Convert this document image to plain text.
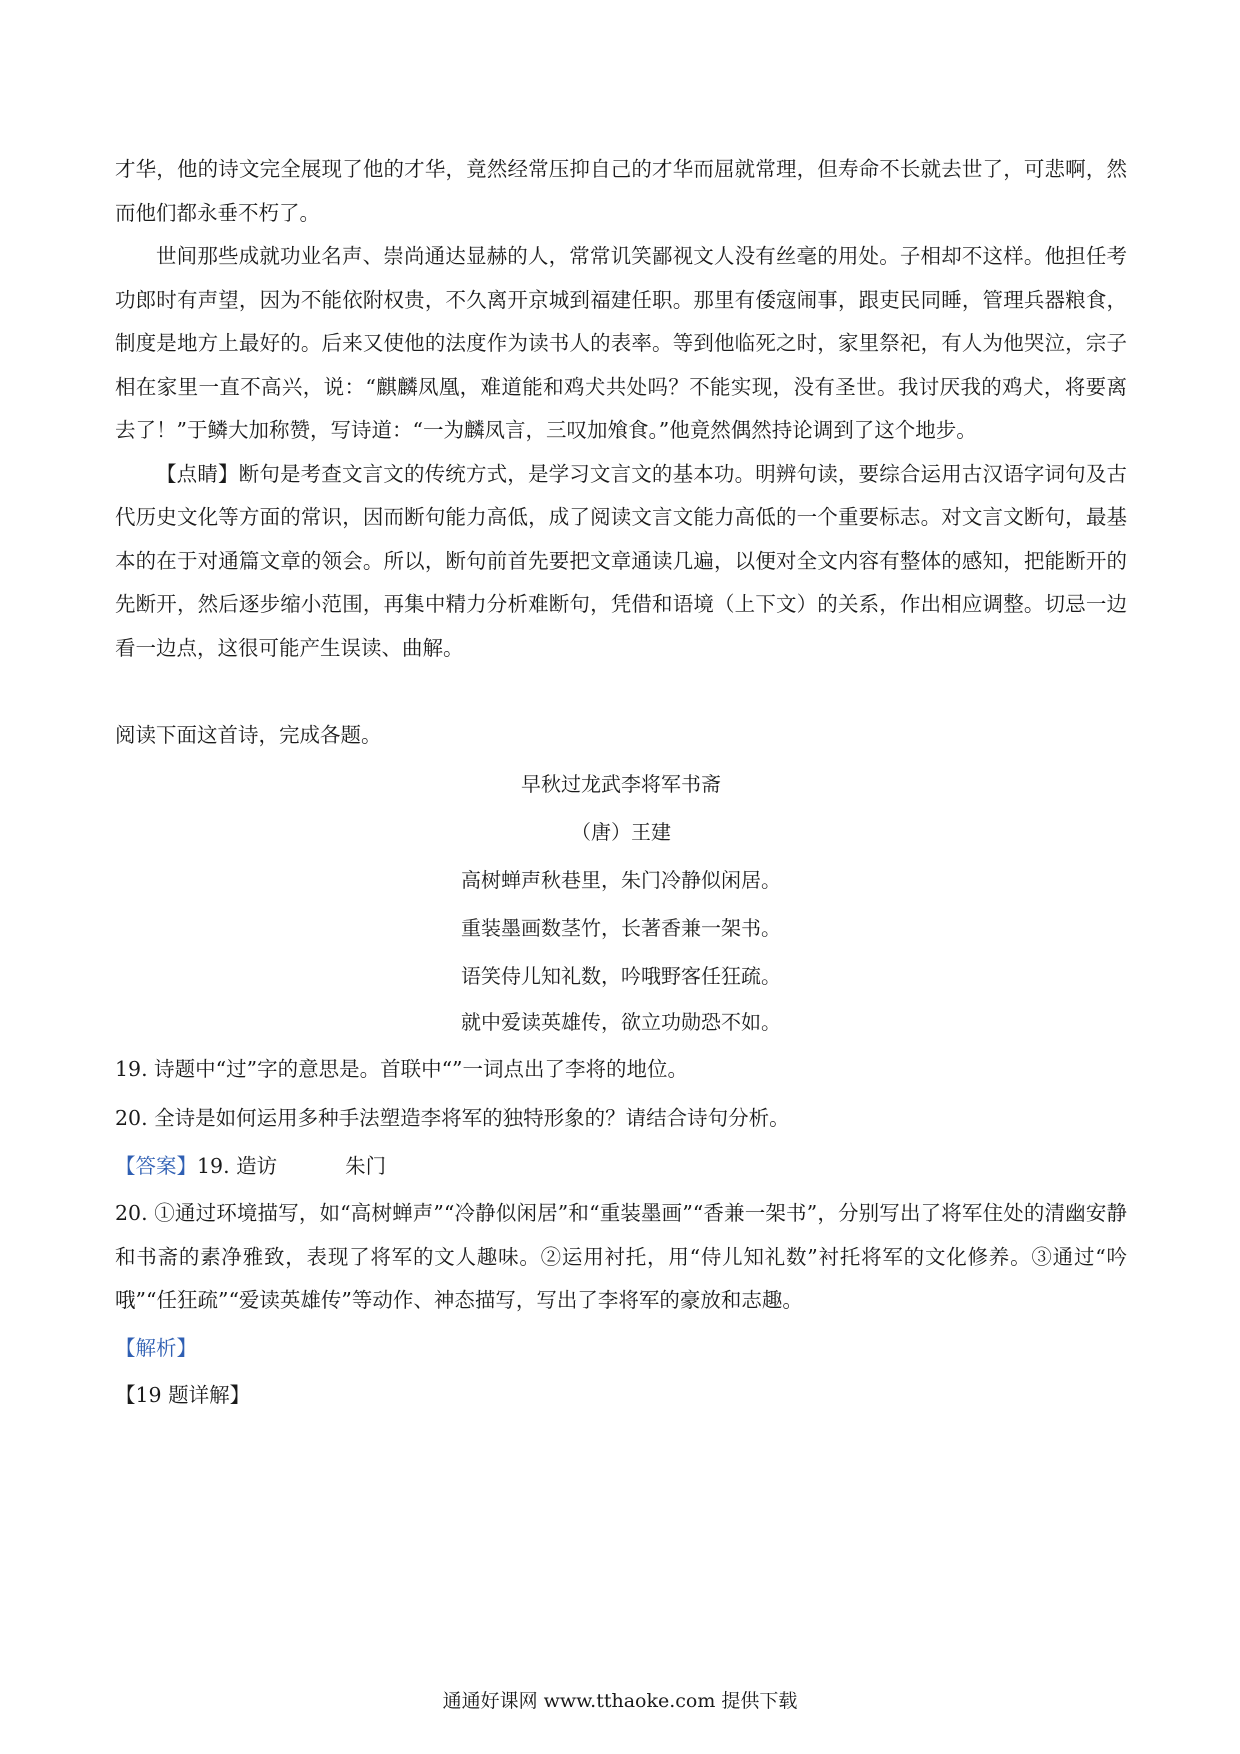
才华，他的诗文完全展现了他的才华，竟然经常压抑自己的才华而屈就常理，但寿命不长就去世了，可悲啊，然而他们都永垂不朽了。

世间那些成就功业名声、崇尚通达显赫的人，常常讥笑鄙视文人没有丝毫的用处。子相却不这样。他担任考功郎时有声望，因为不能依附权贵，不久离开京城到福建任职。那里有倭寇闹事，跟吏民同睡，管理兵器粮食，制度是地方上最好的。后来又使他的法度作为读书人的表率。等到他临死之时，家里祭祀，有人为他哭泣，宗子相在家里一直不高兴，说：“麒麟凤凰，难道能和鸡犬共处吗？不能实现，没有圣世。我讨厌我的鸡犬，将要离去了！”于鳞大加称赞，写诗道：“一为麟凤言，三叹加飧食。”他竟然偶然持论调到了这个地步。

【点睛】断句是考查文言文的传统方式，是学习文言文的基本功。明辨句读，要综合运用古汉语字词句及古代历史文化等方面的常识，因而断句能力高低，成了阅读文言文能力高低的一个重要标志。对文言文断句，最基本的在于对通篇文章的领会。所以，断句前首先要把文章通读几遍，以便对全文内容有整体的感知，把能断开的先断开，然后逐步缩小范围，再集中精力分析难断句，凭借和语境（上下文）的关系，作出相应调整。切忌一边看一边点，这很可能产生误读、曲解。

阅读下面这首诗，完成各题。

早秋过龙武李将军书斋

（唐）王建

高树蝉声秋巷里，朱门冷静似闲居。

重装墨画数茎竹，长著香兼一架书。

语笑侍儿知礼数，吟哦野客任狂疏。

就中爱读英雄传，欲立功勋恐不如。

19. 诗题中“过”字的意思是。首联中“”一词点出了李将的地位。

20. 全诗是如何运用多种手法塑造李将军的独特形象的？请结合诗句分析。

【答案】19. 造访	朱门

20. ①通过环境描写，如“高树蝉声”“冷静似闲居”和“重装墨画”“香兼一架书”，分别写出了将军住处的清幽安静和书斋的素净雅致，表现了将军的文人趣味。②运用衬托，用“侍儿知礼数”衬托将军的文化修养。③通过“吟哦”“任狂疏”“爱读英雄传”等动作、神态描写，写出了李将军的豪放和志趣。

【解析】

【19 题详解】

通通好课网 www.tthaoke.com 提供下载
